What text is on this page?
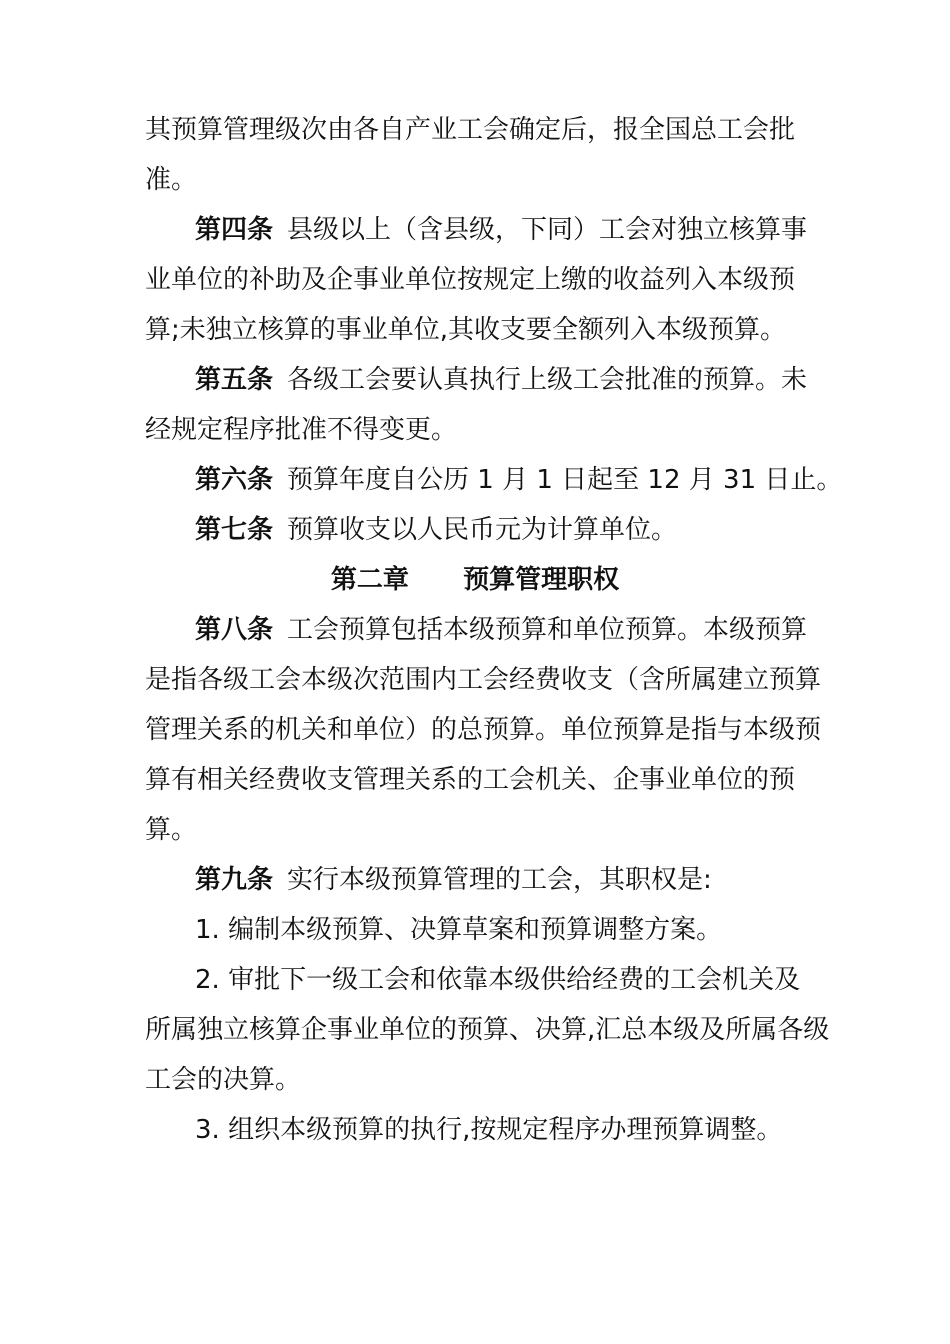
其预算管理级次由各自产业工会确定后，报全国总工会批
准。
第四条 县级以上（含县级，下同）工会对独立核算事
业单位的补助及企事业单位按规定上缴的收益列入本级预
算;未独立核算的事业单位,其收支要全额列入本级预算。
第五条 各级工会要认真执行上级工会批准的预算。未
经规定程序批准不得变更。
第六条 预算年度自公历 1 月 1 日起至 12 月 31 日止。
第七条 预算收支以人民币元为计算单位。
第二章 预算管理职权
第八条 工会预算包括本级预算和单位预算。本级预算
是指各级工会本级次范围内工会经费收支（含所属建立预算
管理关系的机关和单位）的总预算。单位预算是指与本级预
算有相关经费收支管理关系的工会机关、企事业单位的预
算。
第九条 实行本级预算管理的工会，其职权是:
1. 编制本级预算、决算草案和预算调整方案。
2. 审批下一级工会和依靠本级供给经费的工会机关及
所属独立核算企事业单位的预算、决算,汇总本级及所属各级
工会的决算。
3. 组织本级预算的执行,按规定程序办理预算调整。
